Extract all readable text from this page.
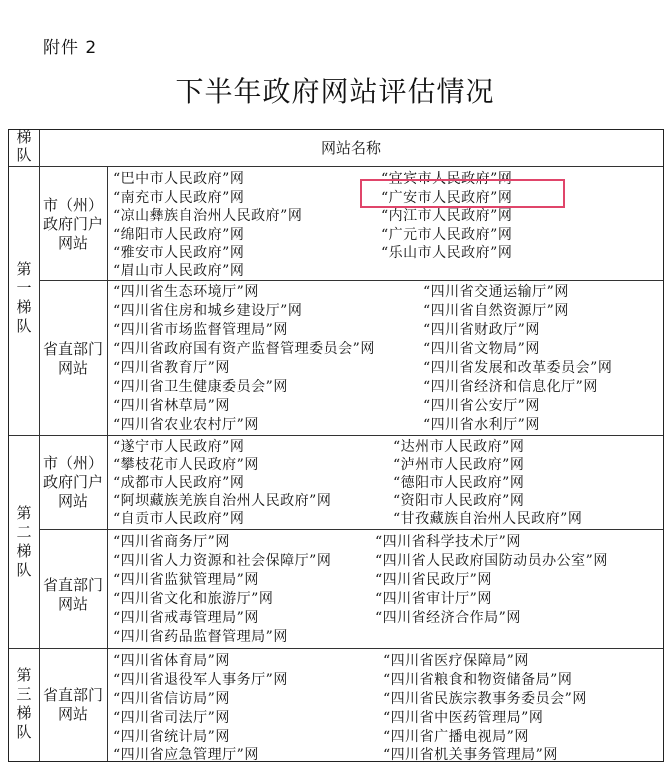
附件 2
下半年政府网站评估情况
梯队	网站名称
第一梯队
第二梯队
第三梯队
市（州）政府门户网站
省直部门网站
市（州）政府门户网站
省直部门网站
省直部门网站
“巴中市人民政府”网
“南充市人民政府”网
“凉山彝族自治州人民政府”网
“绵阳市人民政府”网
“雅安市人民政府”网
“眉山市人民政府”网
“宜宾市人民政府”网
“广安市人民政府”网
“内江市人民政府”网
“广元市人民政府”网
“乐山市人民政府”网
“四川省生态环境厅”网
“四川省住房和城乡建设厅”网
“四川省市场监督管理局”网
“四川省政府国有资产监督管理委员会”网
“四川省教育厅”网
“四川省卫生健康委员会”网
“四川省林草局”网
“四川省农业农村厅”网
“四川省交通运输厅”网
“四川省自然资源厅”网
“四川省财政厅”网
“四川省文物局”网
“四川省发展和改革委员会”网
“四川省经济和信息化厅”网
“四川省公安厅”网
“四川省水利厅”网
“遂宁市人民政府”网
“攀枝花市人民政府”网
“成都市人民政府”网
“阿坝藏族羌族自治州人民政府”网
“自贡市人民政府”网
“达州市人民政府”网
“泸州市人民政府”网
“德阳市人民政府”网
“资阳市人民政府”网
“甘孜藏族自治州人民政府”网
“四川省商务厅”网
“四川省人力资源和社会保障厅”网
“四川省监狱管理局”网
“四川省文化和旅游厅”网
“四川省戒毒管理局”网
“四川省药品监督管理局”网
“四川省科学技术厅”网
“四川省人民政府国防动员办公室”网
“四川省民政厅”网
“四川省审计厅”网
“四川省经济合作局”网
“四川省体育局”网
“四川省退役军人事务厅”网
“四川省信访局”网
“四川省司法厅”网
“四川省统计局”网
“四川省应急管理厅”网
“四川省医疗保障局”网
“四川省粮食和物资储备局”网
“四川省民族宗教事务委员会”网
“四川省中医药管理局”网
“四川省广播电视局”网
“四川省机关事务管理局”网
